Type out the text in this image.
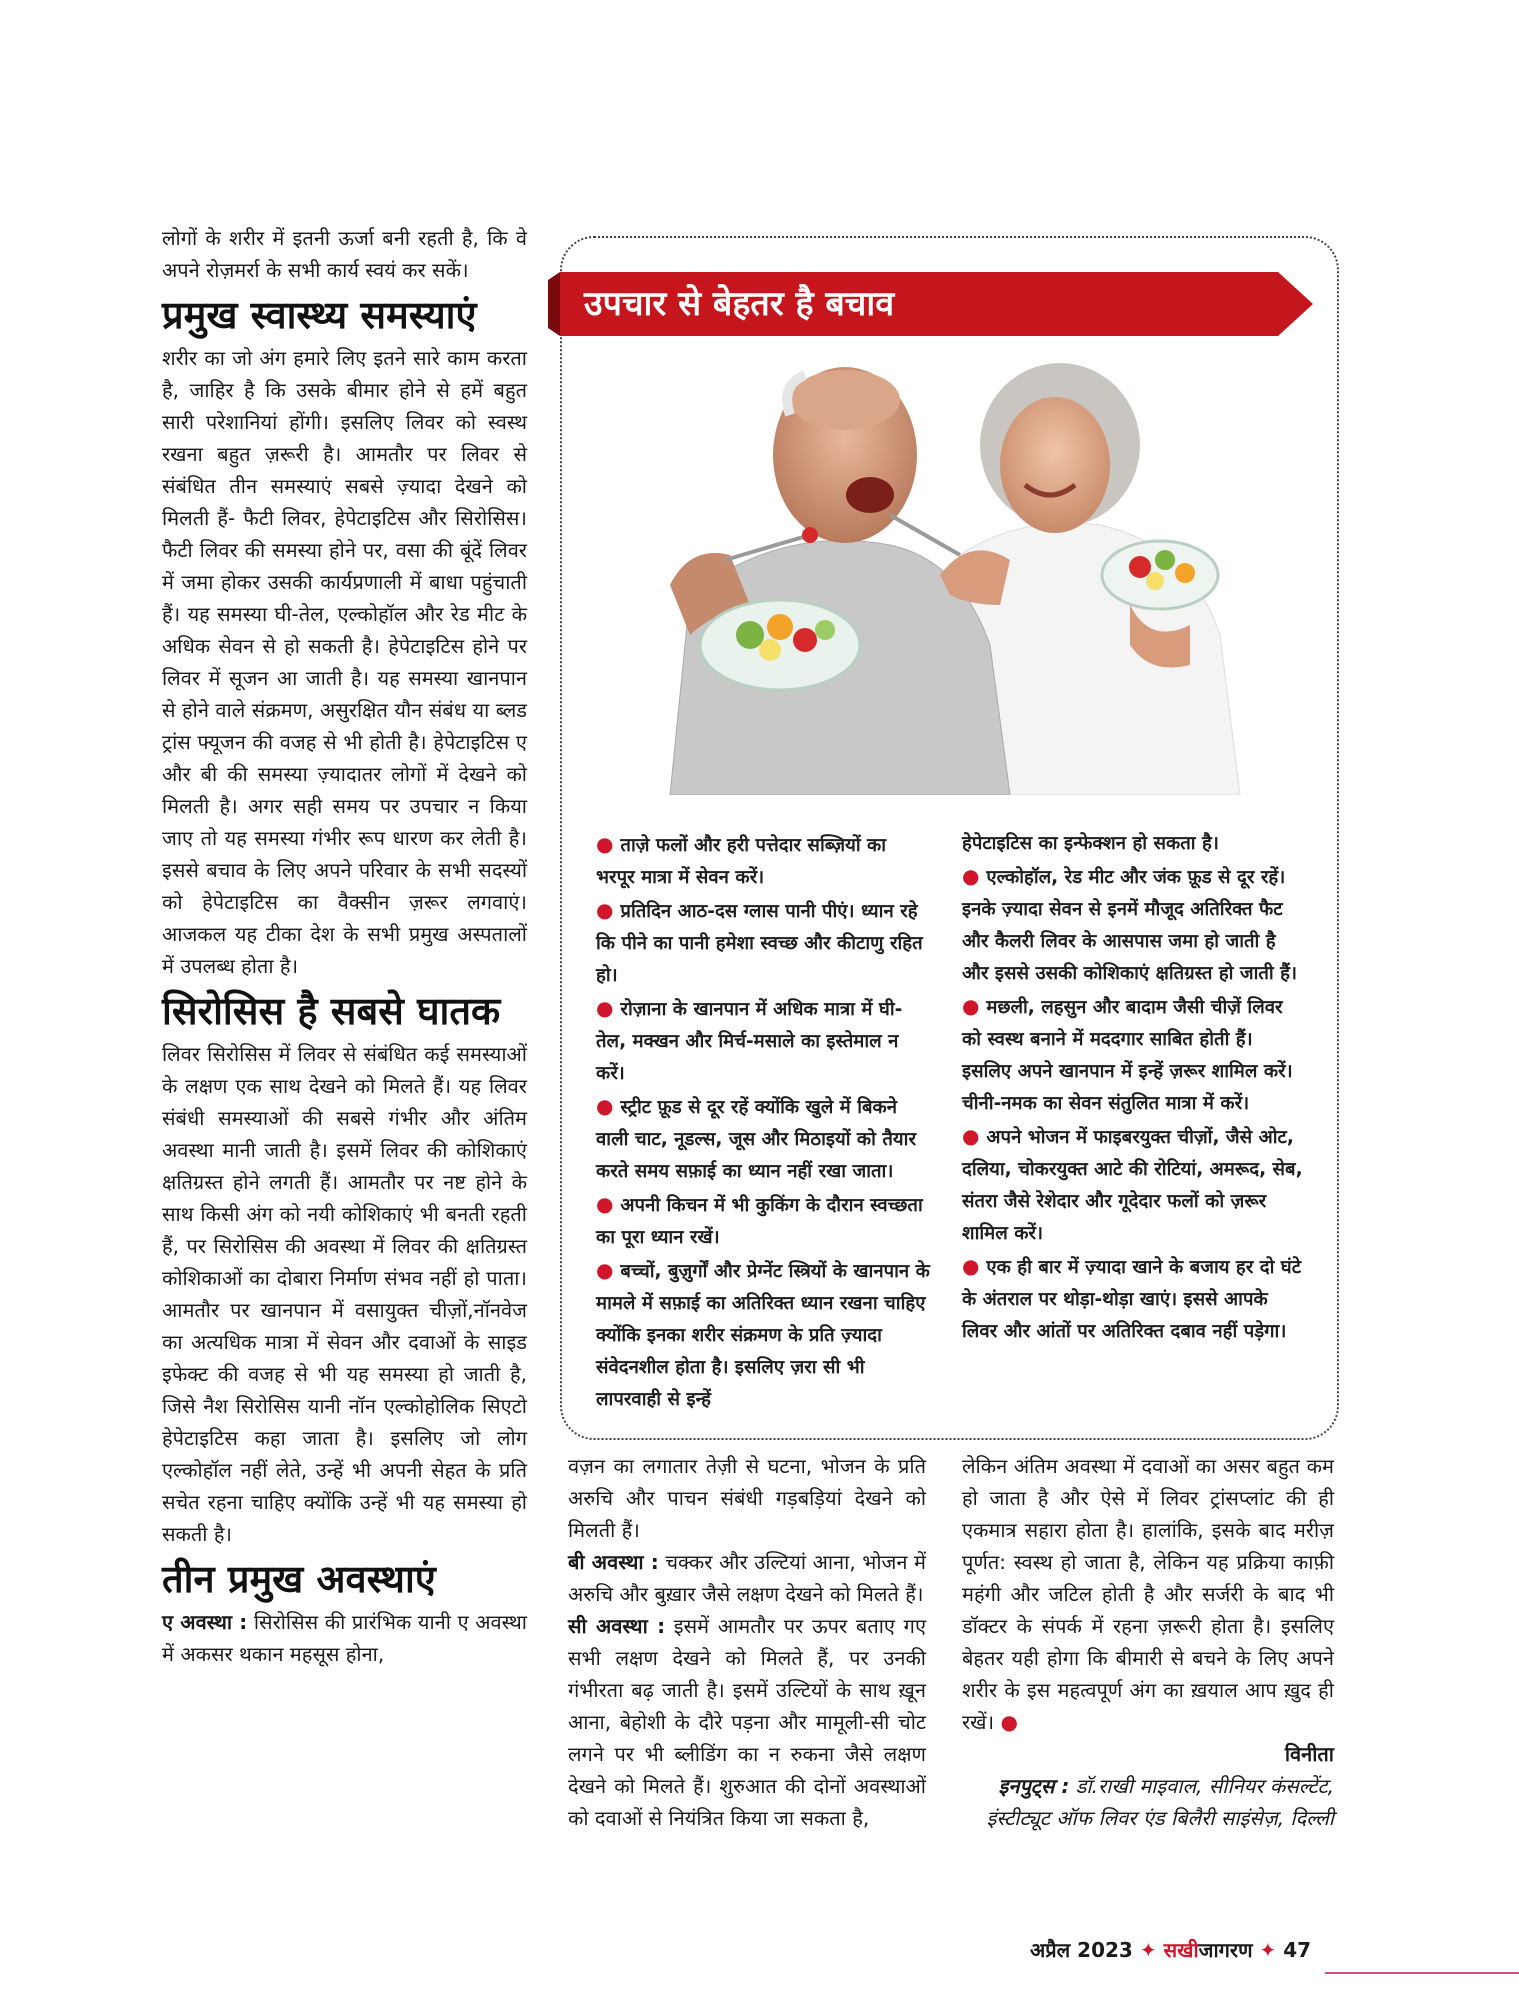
लोगों के शरीर में इतनी ऊर्जा बनी रहती है, कि वे अपने रोज़मर्रा के सभी कार्य स्वयं कर सकें।

प्रमुख स्वास्थ्य समस्याएं

शरीर का जो अंग हमारे लिए इतने सारे काम करता है, जाहिर है कि उसके बीमार होने से हमें बहुत सारी परेशानियां होंगी। इसलिए लिवर को स्वस्थ रखना बहुत ज़रूरी है। आमतौर पर लिवर से संबंधित तीन समस्याएं सबसे ज़्यादा देखने को मिलती हैं- फैटी लिवर, हेपेटाइटिस और सिरोसिस। फैटी लिवर की समस्या होने पर, वसा की बूंदें लिवर में जमा होकर उसकी कार्यप्रणाली में बाधा पहुंचाती हैं। यह समस्या घी-तेल, एल्कोहॉल और रेड मीट के अधिक सेवन से हो सकती है। हेपेटाइटिस होने पर लिवर में सूजन आ जाती है। यह समस्या खानपान से होने वाले संक्रमण, असुरक्षित यौन संबंध या ब्लड ट्रांस फ्यूजन की वजह से भी होती है। हेपेटाइटिस ए और बी की समस्या ज़्यादातर लोगों में देखने को मिलती है। अगर सही समय पर उपचार न किया जाए तो यह समस्या गंभीर रूप धारण कर लेती है। इससे बचाव के लिए अपने परिवार के सभी सदस्यों को हेपेटाइटिस का वैक्सीन ज़रूर लगवाएं। आजकल यह टीका देश के सभी प्रमुख अस्पतालों में उपलब्ध होता है।

सिरोसिस है सबसे घातक

लिवर सिरोसिस में लिवर से संबंधित कई समस्याओं के लक्षण एक साथ देखने को मिलते हैं। यह लिवर संबंधी समस्याओं की सबसे गंभीर और अंतिम अवस्था मानी जाती है। इसमें लिवर की कोशिकाएं क्षतिग्रस्त होने लगती हैं। आमतौर पर नष्ट होने के साथ किसी अंग को नयी कोशिकाएं भी बनती रहती हैं, पर सिरोसिस की अवस्था में लिवर की क्षतिग्रस्त कोशिकाओं का दोबारा निर्माण संभव नहीं हो पाता। आमतौर पर खानपान में वसायुक्त चीज़ों,नॉनवेज का अत्यधिक मात्रा में सेवन और दवाओं के साइड इफेक्ट की वजह से भी यह समस्या हो जाती है, जिसे नैश सिरोसिस यानी नॉन एल्कोहोलिक सिएटो हेपेटाइटिस कहा जाता है। इसलिए जो लोग एल्कोहॉल नहीं लेते, उन्हें भी अपनी सेहत के प्रति सचेत रहना चाहिए क्योंकि उन्हें भी यह समस्या हो सकती है।

तीन प्रमुख अवस्थाएं

ए अवस्था : सिरोसिस की प्रारंभिक यानी ए अवस्था में अकसर थकान महसूस होना,

उपचार से बेहतर है बचाव

● ताज़े फलों और हरी पत्तेदार सब्ज़ियों का भरपूर मात्रा में सेवन करें।

● प्रतिदिन आठ-दस ग्लास पानी पीएं। ध्यान रहे कि पीने का पानी हमेशा स्वच्छ और कीटाणु रहित हो।

● रोज़ाना के खानपान में अधिक मात्रा में घी-तेल, मक्खन और मिर्च-मसाले का इस्तेमाल न करें।

● स्ट्रीट फ़ूड से दूर रहें क्योंकि खुले में बिकने वाली चाट, नूडल्स, जूस और मिठाइयों को तैयार करते समय सफ़ाई का ध्यान नहीं रखा जाता।

● अपनी किचन में भी कुकिंग के दौरान स्वच्छता का पूरा ध्यान रखें।

● बच्चों, बुज़ुर्गों और प्रेग्नेंट स्त्रियों के खानपान के मामले में सफ़ाई का अतिरिक्त ध्यान रखना चाहिए क्योंकि इनका शरीर संक्रमण के प्रति ज़्यादा संवेदनशील होता है। इसलिए ज़रा सी भी लापरवाही से इन्हें

हेपेटाइटिस का इन्फेक्शन हो सकता है।

● एल्कोहॉल, रेड मीट और जंक फ़ूड से दूर रहें। इनके ज़्यादा सेवन से इनमें मौजूद अतिरिक्त फैट और कैलरी लिवर के आसपास जमा हो जाती है और इससे उसकी कोशिकाएं क्षतिग्रस्त हो जाती हैं।

● मछली, लहसुन और बादाम जैसी चीज़ें लिवर को स्वस्थ बनाने में मददगार साबित होती हैं। इसलिए अपने खानपान में इन्हें ज़रूर शामिल करें। चीनी-नमक का सेवन संतुलित मात्रा में करें।

● अपने भोजन में फाइबरयुक्त चीज़ों, जैसे ओट, दलिया, चोकरयुक्त आटे की रोटियां, अमरूद, सेब, संतरा जैसे रेशेदार और गूदेदार फलों को ज़रूर शामिल करें।

● एक ही बार में ज़्यादा खाने के बजाय हर दो घंटे के अंतराल पर थोड़ा-थोड़ा खाएं। इससे आपके लिवर और आंतों पर अतिरिक्त दबाव नहीं पड़ेगा।

वज़न का लगातार तेज़ी से घटना, भोजन के प्रति अरुचि और पाचन संबंधी गड़बड़ियां देखने को मिलती हैं।

बी अवस्था : चक्कर और उल्टियां आना, भोजन में अरुचि और बुख़ार जैसे लक्षण देखने को मिलते हैं।

सी अवस्था : इसमें आमतौर पर ऊपर बताए गए सभी लक्षण देखने को मिलते हैं, पर उनकी गंभीरता बढ़ जाती है। इसमें उल्टियों के साथ ख़ून आना, बेहोशी के दौरे पड़ना और मामूली-सी चोट लगने पर भी ब्लीडिंग का न रुकना जैसे लक्षण देखने को मिलते हैं। शुरुआत की दोनों अवस्थाओं को दवाओं से नियंत्रित किया जा सकता है,

लेकिन अंतिम अवस्था में दवाओं का असर बहुत कम हो जाता है और ऐसे में लिवर ट्रांसप्लांट की ही एकमात्र सहारा होता है। हालांकि, इसके बाद मरीज़ पूर्णत: स्वस्थ हो जाता है, लेकिन यह प्रक्रिया काफ़ी महंगी और जटिल होती है और सर्जरी के बाद भी डॉक्टर के संपर्क में रहना ज़रूरी होता है। इसलिए बेहतर यही होगा कि बीमारी से बचने के लिए अपने शरीर के इस महत्वपूर्ण अंग का ख़याल आप ख़ुद ही रखें। ●

विनीता

इनपुट्स : डॉ.राखी माइवाल, सीनियर कंसल्टेंट, इंस्टीट्यूट ऑफ लिवर एंड बिलैरी साइंसेज़, दिल्ली

अप्रैल 2023 ✦ सखीजागरण ✦ 47
